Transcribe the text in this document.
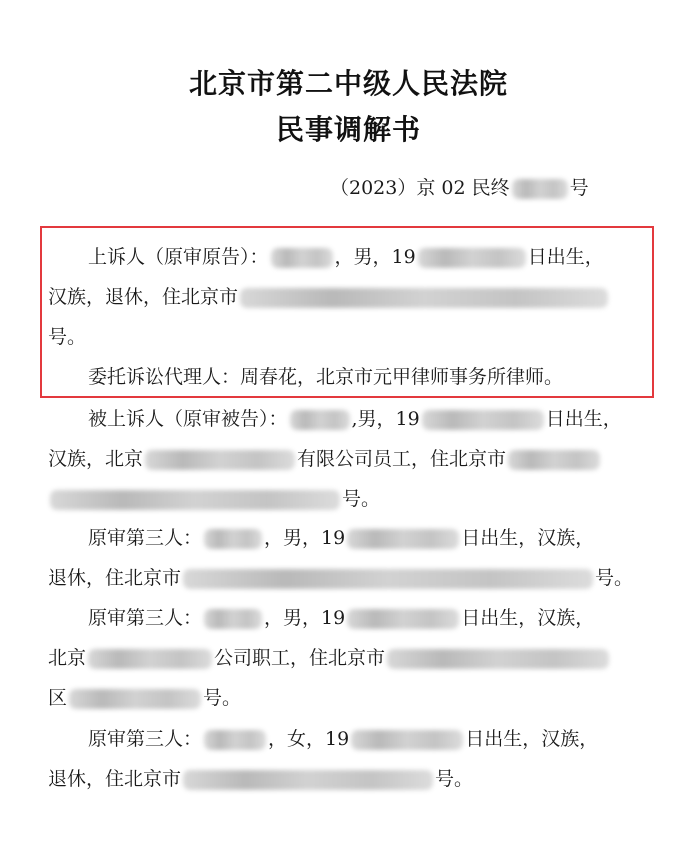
北京市第二中级人民法院
民事调解书
（2023）京 02 民终	号
上诉人（原审原告）：	，男，19	日出生，
汉族，退休，住北京市
号。
委托诉讼代理人：周春花，北京市元甲律师事务所律师。
被上诉人（原审被告）：	,男，19	日出生，
汉族，北京	有限公司员工，住北京市
号。
原审第三人：	，男，19	日出生，汉族，
退休，住北京市	号。
原审第三人：	，男，19	日出生，汉族，
北京	公司职工，住北京市
区	号。
原审第三人：	，女，19	日出生，汉族，
退休，住北京市	号。
